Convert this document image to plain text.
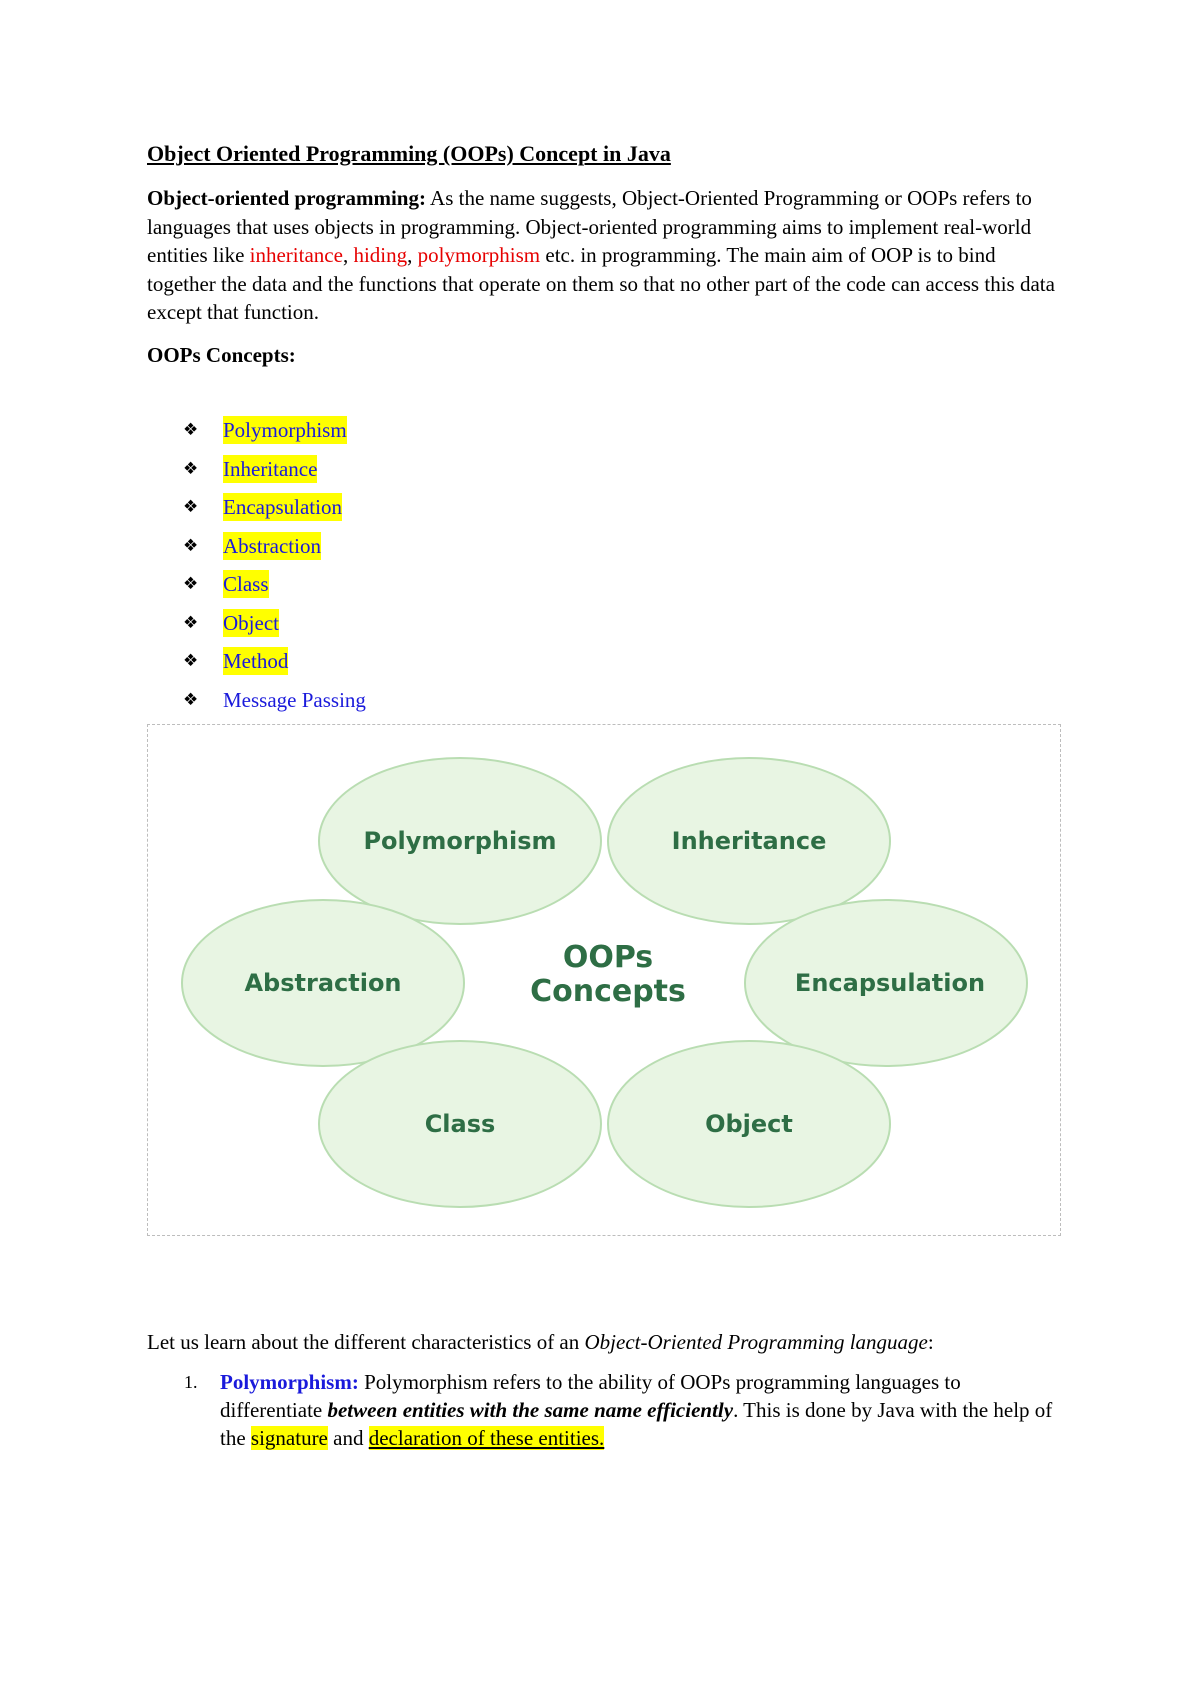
Object Oriented Programming (OOPs) Concept in Java
Object-oriented programming: As the name suggests, Object-Oriented Programming or OOPs refers to languages that uses objects in programming. Object-oriented programming aims to implement real-world entities like inheritance, hiding, polymorphism etc. in programming. The main aim of OOP is to bind together the data and the functions that operate on them so that no other part of the code can access this data except that function.
OOPs Concepts:
❖	Polymorphism
❖	Inheritance
❖	Encapsulation
❖	Abstraction
❖	Class
❖	Object
❖	Method
❖	Message Passing
Polymorphism	Inheritance
Abstraction	Encapsulation
Class	Object
OOPs
Concepts
Let us learn about the different characteristics of an Object-Oriented Programming language:
1.	Polymorphism: Polymorphism refers to the ability of OOPs programming languages to differentiate between entities with the same name efficiently. This is done by Java with the help of the signature and declaration of these entities.
